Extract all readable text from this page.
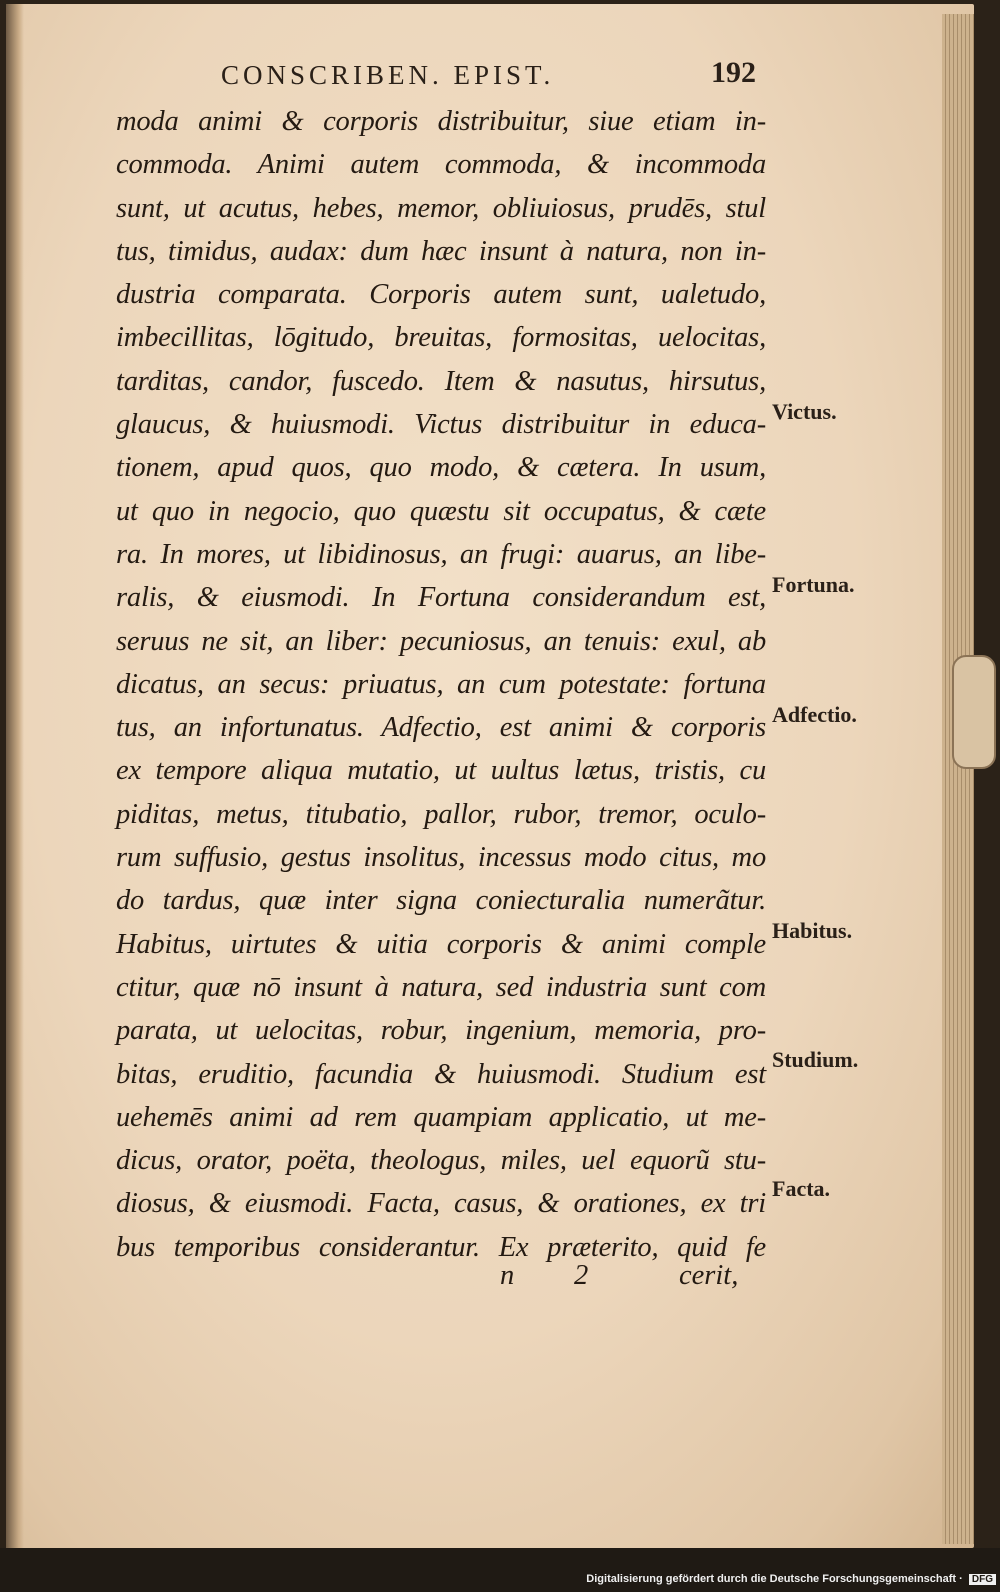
CONSCRIBEN. EPIST.	192
moda animi & corporis distribuitur, siue etiam in-
commoda. Animi autem commoda, & incommoda
sunt, ut acutus, hebes, memor, obliuiosus, prudēs, stul
tus, timidus, audax: dum hæc insunt à natura, non in-
dustria comparata. Corporis autem sunt, ualetudo,
imbecillitas, lōgitudo, breuitas, formositas, uelocitas,
tarditas, candor, fuscedo. Item & nasutus, hirsutus,
glaucus, & huiusmodi. Victus distribuitur in educa-
tionem, apud quos, quo modo, & cætera. In usum,
ut quo in negocio, quo quæstu sit occupatus, & cæte
ra. In mores, ut libidinosus, an frugi: auarus, an libe-
ralis, & eiusmodi. In Fortuna considerandum est,
seruus ne sit, an liber: pecuniosus, an tenuis: exul, ab
dicatus, an secus: priuatus, an cum potestate: fortuna
tus, an infortunatus. Adfectio, est animi & corporis
ex tempore aliqua mutatio, ut uultus lætus, tristis, cu
piditas, metus, titubatio, pallor, rubor, tremor, oculo-
rum suffusio, gestus insolitus, incessus modo citus, mo
do tardus, quæ inter signa conieсturalia numerãtur.
Habitus, uirtutes & uitia corporis & animi comple
ctitur, quæ nō insunt à natura, sed industria sunt com
parata, ut uelocitas, robur, ingenium, memoria, pro-
bitas, eruditio, facundia & huiusmodi. Studium est
uehemēs animi ad rem quampiam applicatio, ut me-
dicus, orator, poëta, theologus, miles, uel equorũ stu-
diosus, & eiusmodi. Facta, casus, & orationes, ex tri
bus temporibus considerantur. Ex præterito, quid fe
Victus.
Fortuna.
Adfectio.
Habitus.
Studium.
Facta.
n 2	cerit,
Digitalisierung gefördert durch die Deutsche Forschungsgemeinschaft · DFG
